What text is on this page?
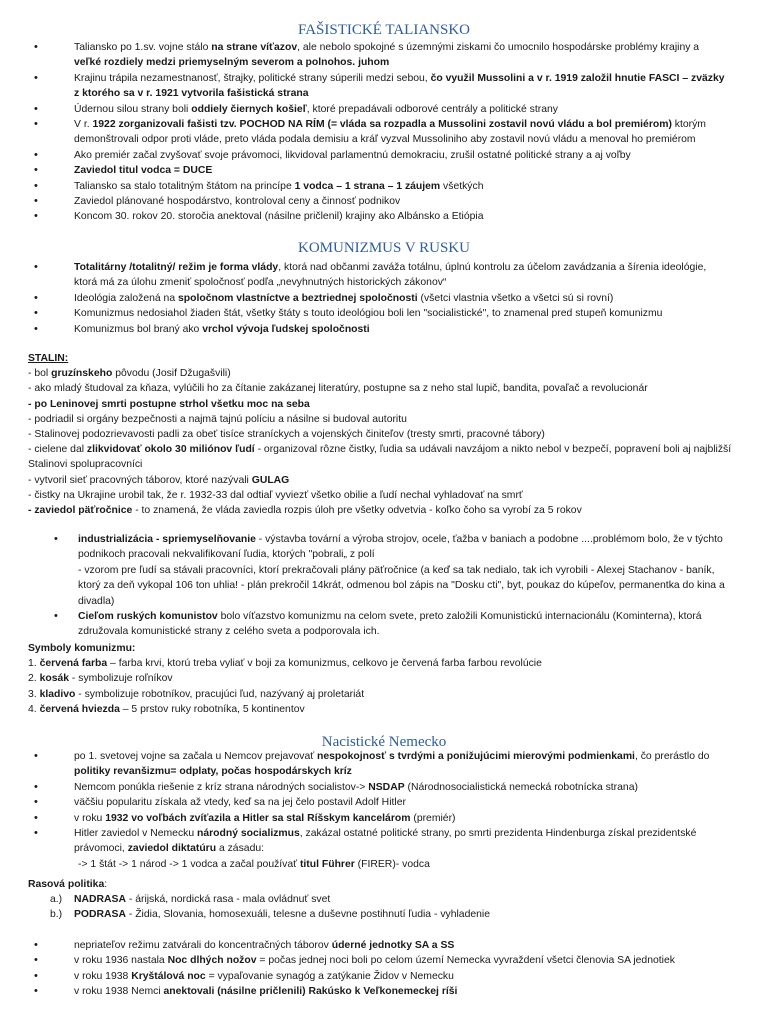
FAŠISTICKÉ TALIANSKO
•	Taliansko po 1.sv. vojne stálo na strane víťazov, ale nebolo spokojné s územnými ziskami čo umocnilo hospodárske problémy krajiny a veľké rozdiely medzi priemyselným severom a polnohos. juhom
•	Krajinu trápila nezamestnanosť, štrajky, politické strany súperili medzi sebou, čo využil Mussolini a v r. 1919 založil hnutie FASCI – zväzky z ktorého sa v r. 1921 vytvorila fašistická strana
•	Údernou silou strany boli oddiely čiernych košieľ, ktoré prepadávali odborové centrály a politické strany
•	V r. 1922 zorganizovali fašisti tzv. POCHOD NA RÍM (= vláda sa rozpadla a Mussolini zostavil novú vládu a bol premiérom) ktorým demonštrovali odpor proti vláde, preto vláda podala demisiu a kráľ vyzval Mussoliniho aby zostavil novú vládu a menoval ho premiérom
•	Ako premiér začal zvyšovať svoje právomoci, likvidoval parlamentnú demokraciu, zrušil ostatné politické strany a aj voľby
•	Zaviedol titul vodca = DUCE
•	Taliansko sa stalo totalitným štátom na princípe 1 vodca – 1 strana – 1 záujem všetkých
•	Zaviedol plánované hospodárstvo, kontroloval ceny a činnosť podnikov
•	Koncom 30. rokov 20. storočia anektoval (násilne pričlenil) krajiny ako Albánsko a Etiópia
KOMUNIZMUS V RUSKU
•	Totalitárny /totalitný/ režim je forma vlády, ktorá nad občanmi zaváža totálnu, úplnú kontrolu za účelom zavádzania a šírenia ideológie, ktorá má za úlohu zmeniť spoločnosť podľa „nevyhnutných historických zákonov“
•	Ideológia založená na spoločnom vlastníctve a beztriednej spoločnosti (všetci vlastnia všetko a všetci sú si rovní)
•	Komunizmus nedosiahol žiaden štát, všetky štáty s touto ideológiou boli len "socialistické", to znamenal pred stupeň komunizmu
•	Komunizmus bol braný ako vrchol vývoja ľudskej spoločnosti
STALIN:
- bol gruzínskeho pôvodu (Josif Džugašvili)
- ako mladý študoval za kňaza, vylúčili ho za čítanie zakázanej literatúry, postupne sa z neho stal lupič, bandita, povaľač a revolucionár
- po Leninovej smrti postupne strhol všetku moc na seba
- podriadil si orgány bezpečnosti a najmä tajnú políciu a násilne si budoval autoritu
- Stalinovej podozrievavosti padli za obeť tisíce straníckych a vojenských činiteľov (tresty smrti, pracovné tábory)
- cielene dal zlikvidovať okolo 30 miliónov ľudí - organizoval rôzne čistky, ľudia sa udávali navzájom a nikto nebol v bezpečí, popravení boli aj najbližší Stalinovi spolupracovníci
- vytvoril sieť pracovných táborov, ktoré nazývali GULAG
- čistky na Ukrajine urobil tak, že r. 1932-33 dal odtiaľ vyviezť všetko obilie a ľudí nechal vyhladovať na smrť
- zaviedol päťročnice - to znamená, že vláda zaviedla rozpis úloh pre všetky odvetvia - koľko čoho sa vyrobí za 5 rokov
•	industrializácia - spriemyselňovanie - výstavba tovární a výroba strojov, ocele, ťažba v baniach a podobne ....problémom bolo, že v týchto podnikoch pracovali nekvalifikovaní ľudia, ktorých "pobrali„ z polí
- vzorom pre ľudí sa stávali pracovníci, ktorí prekračovali plány päťročnice (a keď sa tak nedialo, tak ich vyrobili - Alexej Stachanov - baník, ktorý za deň vykopal 106 ton uhlia! - plán prekročil 14krát, odmenou bol zápis na "Dosku cti", byt, poukaz do kúpeľov, permanentka do kina a divadla)
•	Cieľom ruských komunistov bolo víťazstvo komunizmu na celom svete, preto založili Komunistickú internacionálu (Kominterna), ktorá združovala komunistické strany z celého sveta a podporovala ich.
Symboly komunizmu:
1. červená farba – farba krvi, ktorú treba vyliať v boji za komunizmus, celkovo je červená farba farbou revolúcie
2. kosák - symbolizuje roľníkov
3. kladivo - symbolizuje robotníkov, pracujúci ľud, nazývaný aj proletariát
4. červená hviezda – 5 prstov ruky robotníka, 5 kontinentov
Nacistické Nemecko
•	po 1. svetovej vojne sa začala u Nemcov prejavovať nespokojnosť s tvrdými a ponižujúcimi mierovými podmienkami, čo prerástlo do politiky revanšizmu= odplaty, počas hospodárskych kríz
•	Nemcom ponúkla riešenie z kríz strana národných socialistov-> NSDAP (Národnosocialistická nemecká robotnícka strana)
•	väčšiu popularitu získala až vtedy, keď sa na jej čelo postavil Adolf Hitler
•	v roku 1932 vo voľbách zvíťazila a Hitler sa stal Ríšskym kancelárom (premiér)
•	Hitler zaviedol v Nemecku národný socializmus, zakázal ostatné politické strany, po smrti prezidenta Hindenburga získal prezidentské právomoci, zaviedol diktatúru a zásadu:
-> 1 štát -> 1 národ -> 1 vodca a začal používať titul Führer (FIRER)- vodca
Rasová politika:
a.) NADRASA - árijská, nordická rasa - mala ovládnuť svet
b.) PODRASA - Židia, Slovania, homosexuáli, telesne a duševne postihnutí ľudia - vyhladenie
•	nepriateľov režimu zatvárali do koncentračných táborov úderné jednotky SA a SS
•	v roku 1936 nastala Noc dlhých nožov = počas jednej noci boli po celom území Nemecka vyvraždení všetci členovia SA jednotiek
•	v roku 1938 Kryštálová noc = vypaľovanie synagóg a zatýkanie Židov v Nemecku
•	v roku 1938 Nemci anektovali (násilne pričlenili) Rakúsko k Veľkonemeckej ríši
